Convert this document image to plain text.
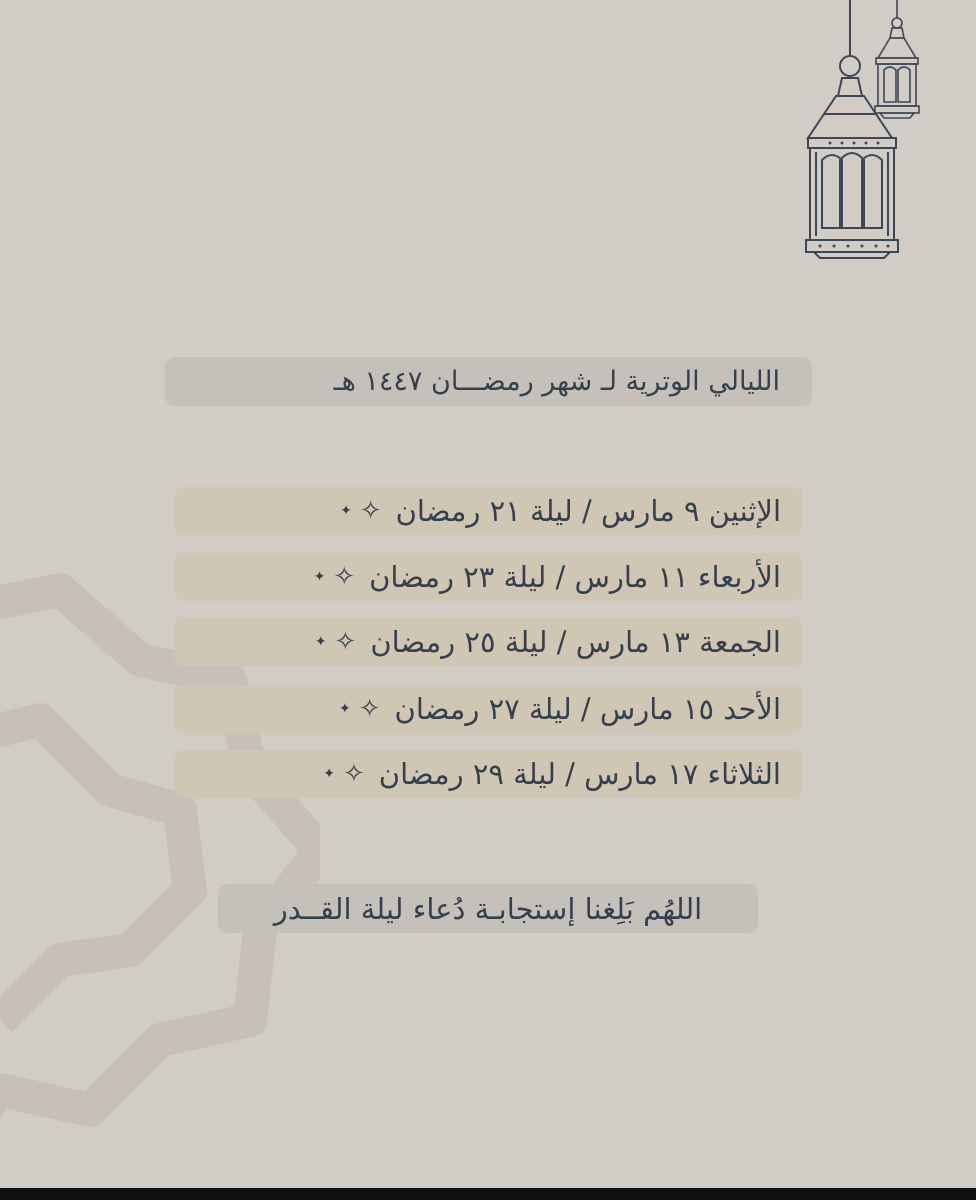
الليالي الوترية لـ شهر رمضـــان ١٤٤٧ هـ
الإثنين ٩ مارس / ليلة ٢١ رمضان
✧
✦
الأربعاء ١١ مارس / ليلة ٢٣ رمضان
✧
✦
الجمعة ١٣ مارس / ليلة ٢٥ رمضان
✧
✦
الأحد ١٥ مارس / ليلة ٢٧ رمضان
✧
✦
الثلاثاء ١٧ مارس / ليلة ٢٩ رمضان
✧
✦
اللهُم بَلِغنا إستجابـة دُعاء ليلة القــدر
